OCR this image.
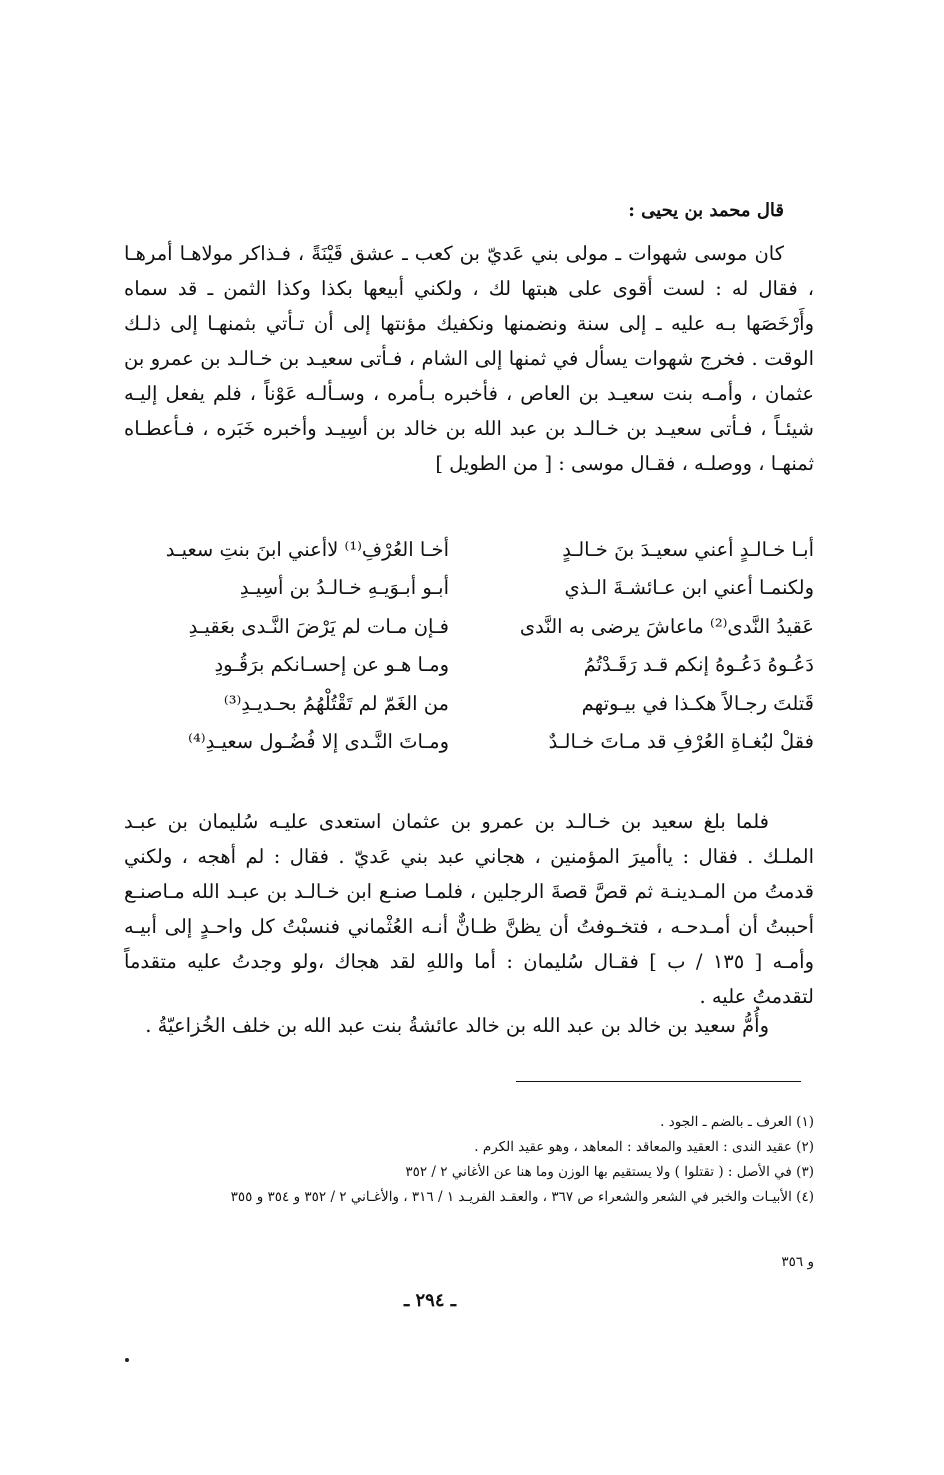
قال محمد بن يحيى :

كان موسى شهوات ـ مولى بني عَديّ بن كعب ـ عشق قَيْنَةً ، فـذاكر مولاهـا أمرهـا ، فقال له : لست أقوى على هبتها لك ، ولكني أبيعها بكذا وكذا الثمن ـ قد سماه وأَرْخَصَها بـه عليه ـ إلى سنة ونضمنها ونكفيك مؤنتها إلى أن تـأتي بثمنهـا إلى ذلـك الوقت . فخرج شهوات يسأل في ثمنها إلى الشام ، فـأتى سعيـد بن خـالـد بن عمرو بن عثمان ، وأمـه بنت سعيـد بن العاص ، فأخبره بـأمره ، وسـألـه عَوْناً ، فلم يفعل إليـه شيئـاً ، فـأتى سعيـد بن خـالـد بن عبد الله بن خالد بن أسِيـد وأخبره خَبَره ، فـأعطـاه ثمنهـا ، ووصلـه ، فقـال موسى : [ من الطويل ]

أبـا خـالـدٍ أعني سعيـدَ بنَ خـالـدٍ
أخـا العُرْفِ⁽¹⁾ لاأعني ابنَ بنتِ سعيـد
ولكنمـا أعني ابن عـائشـةَ الـذي
أبـو أبـوَيـهِ خـالـدُ بن أسِيـدِ
عَقيدُ النَّدى⁽²⁾ ماعاشَ يرضى به النَّدى
فـإن مـات لم يَرْضَ النَّـدى بعَقيـدِ
دَعُـوهُ دَعُـوهُ إنكم قـد رَقَـدْتُمُ
ومـا هـو عن إحسـانكم برَقُـودِ
قَتلتَ رجـالاً هكـذا في بيـوتهم
من الغَمّ لم تَقْتُلْهُمُ بحـديـدِ⁽³⁾
فقلْ لبُغـاةِ العُرْفِ قد مـاتَ خـالـدٌ
ومـاتَ النَّـدى إلا فُضُـول سعيـدِ⁽⁴⁾

فلما بلغ سعيد بن خـالـد بن عمرو بن عثمان استعدى عليـه سُليمان بن عبـد الملـك . فقال : ياأميرَ المؤمنين ، هجاني عبد بني عَديّ . فقال : لم أهجه ، ولكني قدمتُ من المـدينـة ثم قصَّ قصةَ الرجلين ، فلمـا صنـع ابن خـالـد بن عبـد الله مـاصنـع أحببتُ أن أمـدحـه ، فتخـوفتُ أن يظنَّ ظـانٌّ أنـه العُثْماني فنسبْتُ كل واحـدٍ إلى أبيـه وأمـه [ ١٣٥ / ب ] فقـال سُليمان : أما واللهِ لقد هجاك ،ولو وجدتُ عليه متقدماً لتقدمتُ عليه .

وأُمُّ سعيد بن خالد بن عبد الله بن خالد عائشةُ بنت عبد الله بن خلف الخُزاعيّةُ .

(١) العرف ـ بالضم ـ الجود .
(٢) عقيد الندى : العقيد والمعاقد : المعاهد ، وهو عقيد الكرم .
(٣) في الأصل : ( تقتلوا ) ولا يستقيم بها الوزن وما هنا عن الأغاني ٢ / ٣٥٢
(٤) الأبيـات والخبر في الشعر والشعراء ص ٣٦٧ ، والعقـد الفريـد ١ / ٣١٦ ، والأغـاني ٢ / ٣٥٢ و ٣٥٤ و ٣٥٥

و ٣٥٦

ـ ٢٩٤ ـ
